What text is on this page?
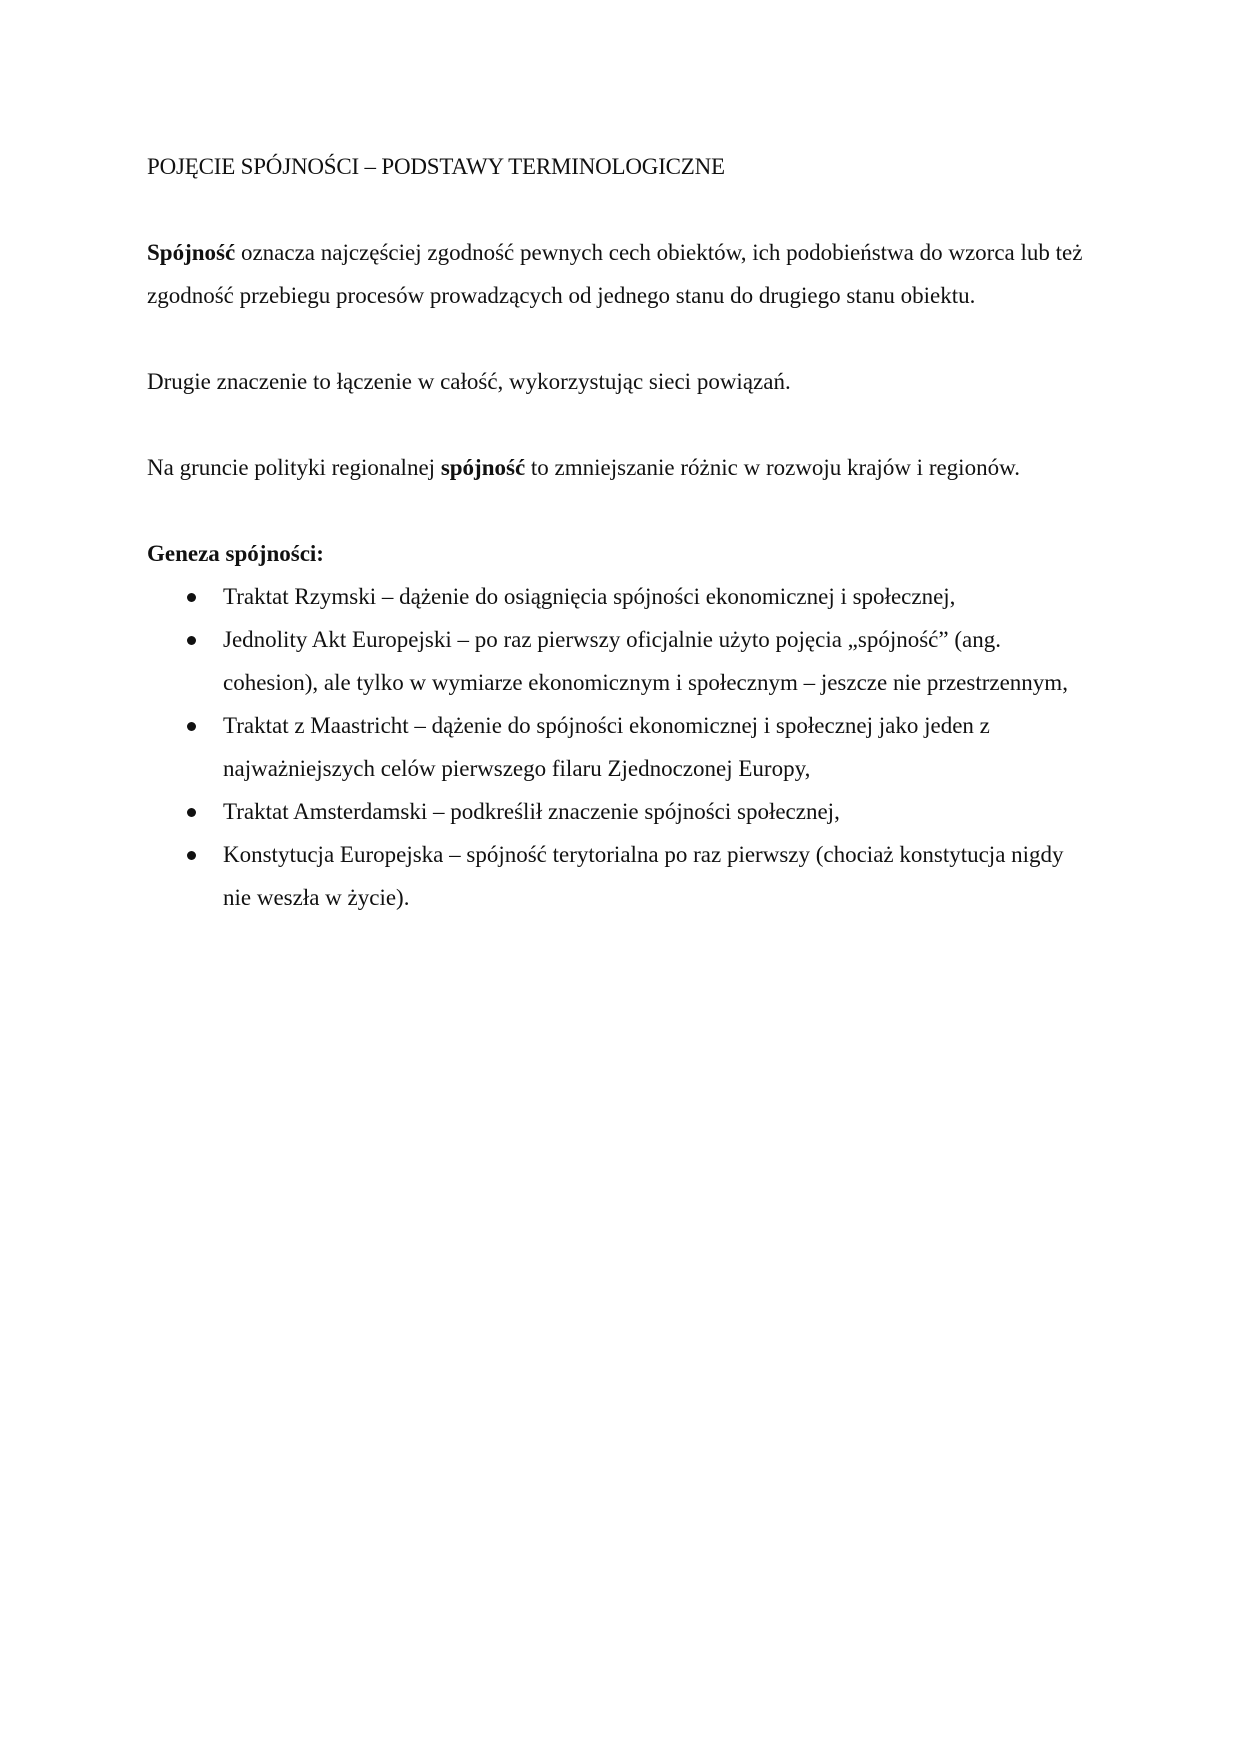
POJĘCIE SPÓJNOŚCI – PODSTAWY TERMINOLOGICZNE

Spójność oznacza najczęściej zgodność pewnych cech obiektów, ich podobieństwa do wzorca lub też zgodność przebiegu procesów prowadzących od jednego stanu do drugiego stanu obiektu.

Drugie znaczenie to łączenie w całość, wykorzystując sieci powiązań.

Na gruncie polityki regionalnej spójność to zmniejszanie różnic w rozwoju krajów i regionów.

Geneza spójności:
Traktat Rzymski – dążenie do osiągnięcia spójności ekonomicznej i społecznej,
Jednolity Akt Europejski – po raz pierwszy oficjalnie użyto pojęcia „spójność” (ang. cohesion), ale tylko w wymiarze ekonomicznym i społecznym – jeszcze nie przestrzennym,
Traktat z Maastricht – dążenie do spójności ekonomicznej i społecznej jako jeden z najważniejszych celów pierwszego filaru Zjednoczonej Europy,
Traktat Amsterdamski – podkreślił znaczenie spójności społecznej,
Konstytucja Europejska – spójność terytorialna po raz pierwszy (chociaż konstytucja nigdy nie weszła w życie).
